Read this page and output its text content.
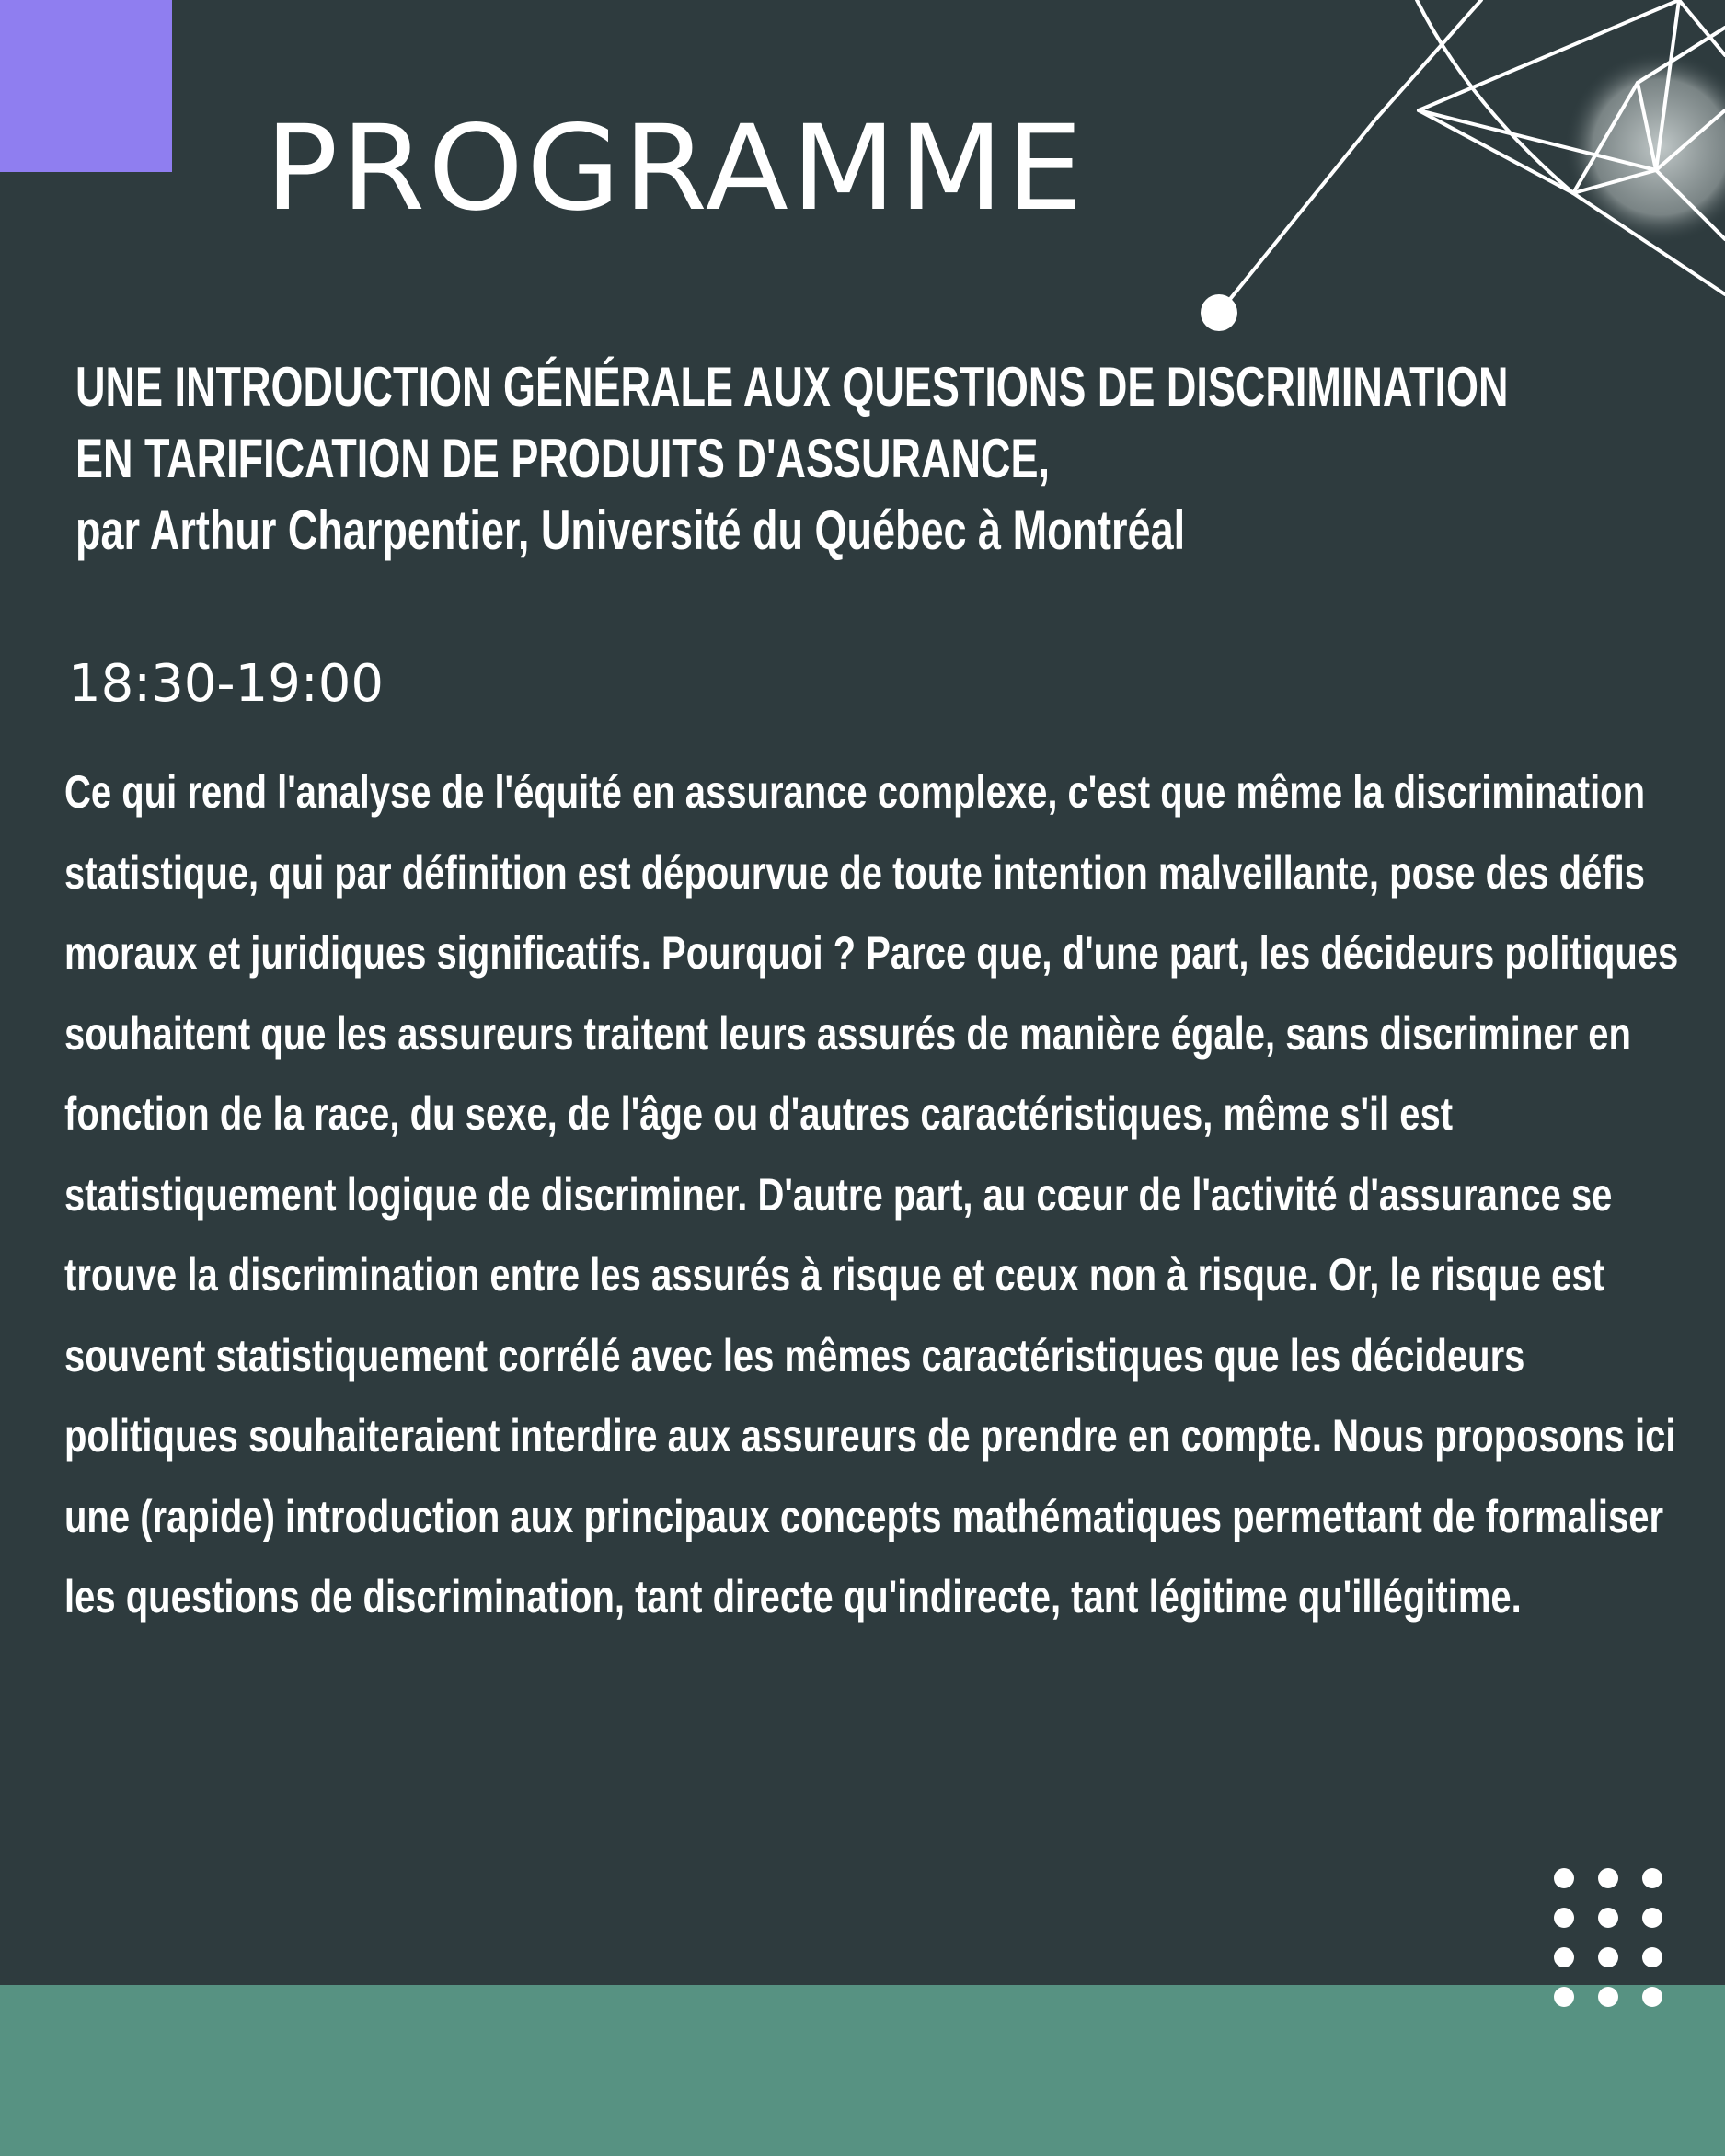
PROGRAMME
UNE INTRODUCTION GÉNÉRALE AUX QUESTIONS DE DISCRIMINATION
EN TARIFICATION DE PRODUITS D'ASSURANCE,
par Arthur Charpentier, Université du Québec à Montréal

18:30-19:00

Ce qui rend l'analyse de l'équité en assurance complexe, c'est que même la discrimination
statistique, qui par définition est dépourvue de toute intention malveillante, pose des défis
moraux et juridiques significatifs. Pourquoi ? Parce que, d'une part, les décideurs politiques
souhaitent que les assureurs traitent leurs assurés de manière égale, sans discriminer en
fonction de la race, du sexe, de l'âge ou d'autres caractéristiques, même s'il est
statistiquement logique de discriminer. D'autre part, au cœur de l'activité d'assurance se
trouve la discrimination entre les assurés à risque et ceux non à risque. Or, le risque est
souvent statistiquement corrélé avec les mêmes caractéristiques que les décideurs
politiques souhaiteraient interdire aux assureurs de prendre en compte. Nous proposons ici
une (rapide) introduction aux principaux concepts mathématiques permettant de formaliser
les questions de discrimination, tant directe qu'indirecte, tant légitime qu'illégitime.
